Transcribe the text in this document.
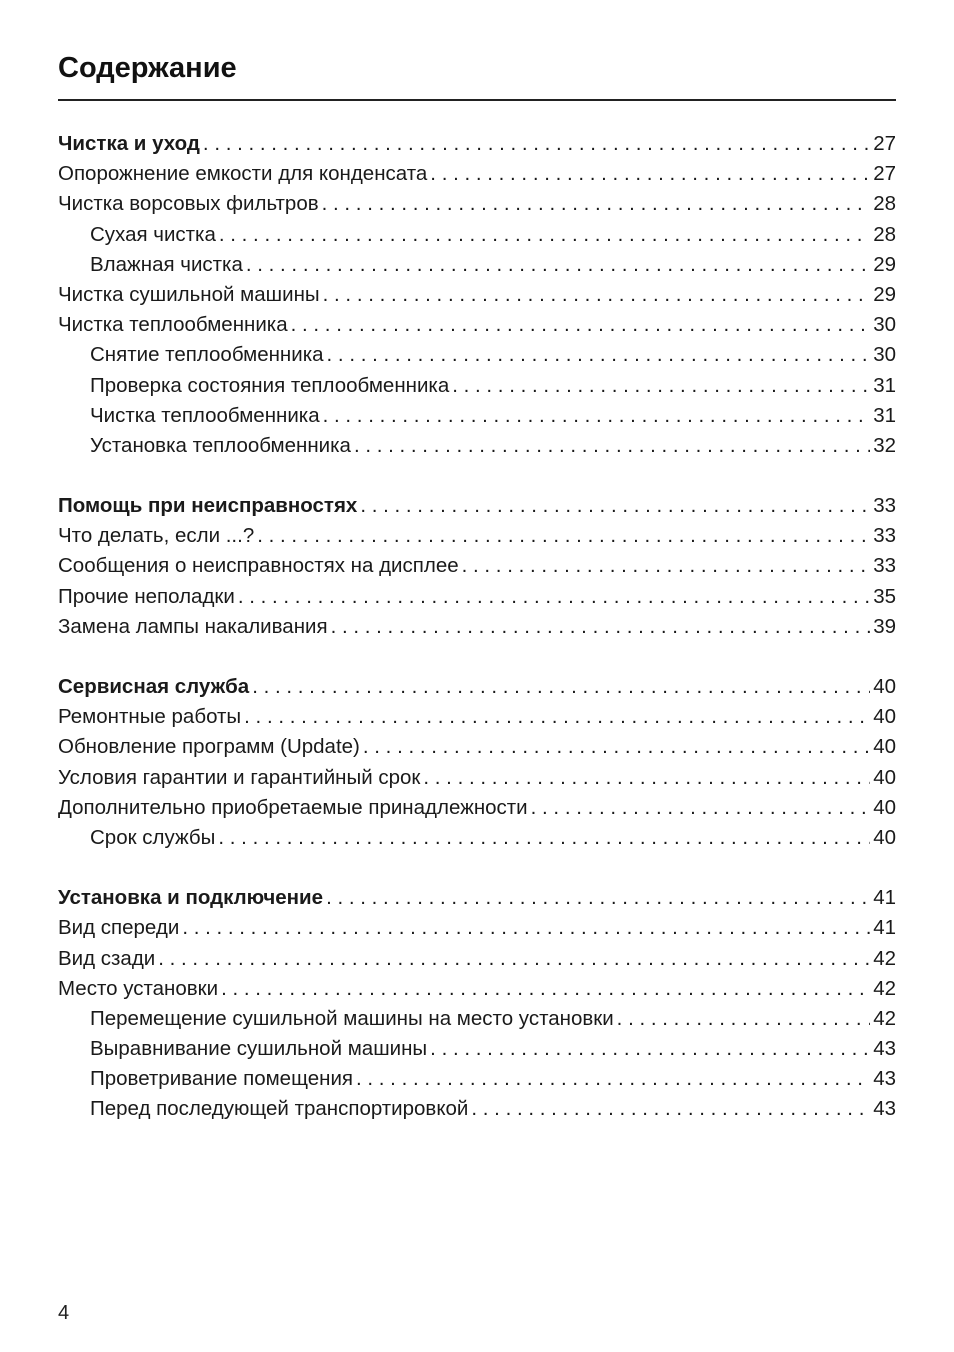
Содержание
Чистка и уход . . .	27
Опорожнение емкости для конденсата . . .	27
Чистка ворсовых фильтров . . .	28
Сухая чистка . . .	28
Влажная чистка . . .	29
Чистка сушильной машины . . .	29
Чистка теплообменника . . .	30
Снятие теплообменника . . .	30
Проверка состояния теплообменника . . .	31
Чистка теплообменника . . .	31
Установка теплообменника . . .	32
Помощь при неисправностях . . .	33
Что делать, если ...? . . .	33
Сообщения о неисправностях на дисплее . . .	33
Прочие неполадки . . .	35
Замена лампы накаливания . . .	39
Сервисная служба . . .	40
Ремонтные работы . . .	40
Обновление программ (Update) . . .	40
Условия гарантии и гарантийный срок . . .	40
Дополнительно приобретаемые принадлежности . . .	40
Срок службы . . .	40
Установка и подключение . . .	41
Вид спереди . . .	41
Вид сзади . . .	42
Место установки . . .	42
Перемещение сушильной машины на место установки . . .	42
Выравнивание сушильной машины . . .	43
Проветривание помещения . . .	43
Перед последующей транспортировкой . . .	43
4
